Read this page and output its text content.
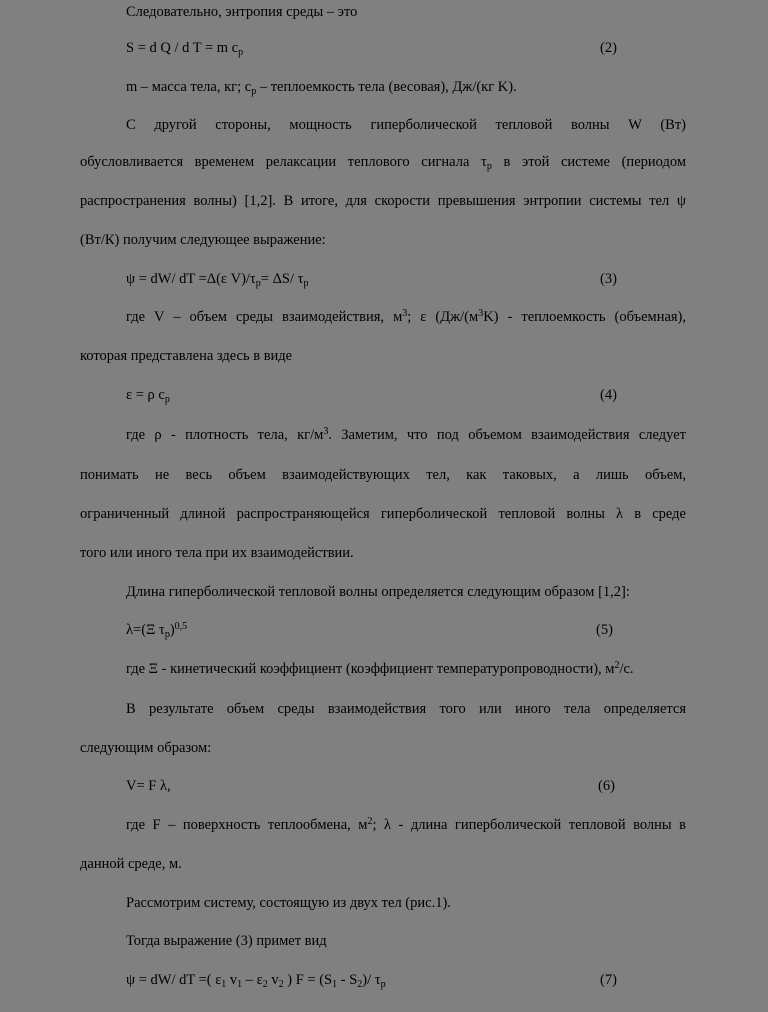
Следовательно, энтропия среды – это
S = d Q / d T = m $c_p$	(2)
m – масса тела, кг; $c_p$ – теплоемкость тела (весовая), Дж/(кг K).
С другой стороны, мощность гиперболической тепловой волны W (Вт)
обусловливается временем релаксации теплового сигнала $\tau_р$ в этой системе (периодом
распространения волны) [1,2]. В итоге, для скорости превышения энтропии системы тел ψ
(Вт/К) получим следующее выражение:
ψ = dW/ dT =Δ(ε $V)/\tau_p= \Delta S/$ $\tau_p$	(3)
где V – объем среды взаимодействия, $м^3$; ε ($Дж/(м^3K)$ - теплоемкость (объемная),
которая представлена здесь в виде
ε = ρ $c_p$	(4)
где ρ - плотность тела, $кг/м^3$. Заметим, что под объемом взаимодействия следует
понимать не весь объем взаимодействующих тел, как таковых, а лишь объем,
ограниченный длиной распространяющейся гиперболической тепловой волны λ в среде
того или иного тела при их взаимодействии.
Длина гиперболической тепловой волны определяется следующим образом [1,2]:
λ=(Ξ $\tau_p)^{0,5}$	(5)
где Ξ - кинетический коэффициент (коэффициент температуропроводности), $м^2/с$.
В результате объем среды взаимодействия того или иного тела определяется
следующим образом:
V= F λ,	(6)
где F – поверхность теплообмена, $м^2$; λ - длина гиперболической тепловой волны в
данной среде, м.
Рассмотрим систему, состоящую из двух тел (рис.1).
Тогда выражение (3) примет вид
ψ = dW/ dT =( $\varepsilon_1$ $v_1 - \varepsilon_2$ $v_2$ ) $F = (S_1 - S_2)/$ $\tau_p$	(7)
